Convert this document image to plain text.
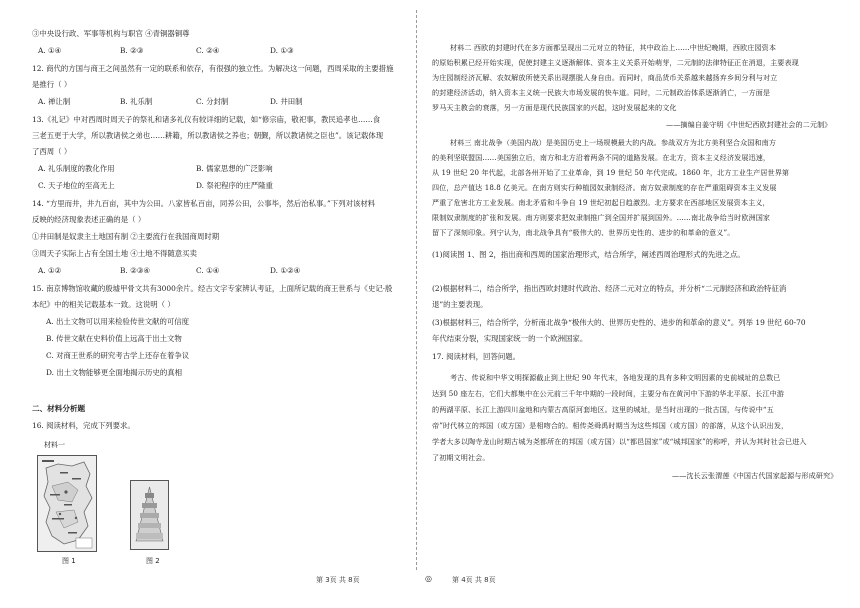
③中央设行政、军事等机构与职官 ④青铜器铜尊
A. ①④	B. ②③	C. ②④	D. ①③
12. 商代的方国与商王之间虽然有一定的联系和依存，有很强的独立性。为解决这一问题，西周采取的主要措施
是推行（ ）
A. 禅让制	B. 礼乐制	C. 分封制	D. 井田制
13.《礼记》中对西周时周天子的祭礼和诸多礼仪有较详细的记载，如“修宗庙，敬祀事，教民追孝也……食
三老五更于大学，所以教诸侯之弟也……耕籍，所以教诸侯之养也；朝觐，所以教诸侯之臣也”。该记载体现
了西周（ ）
A. 礼乐制度的教化作用	B. 儒家思想的广泛影响
C. 天子地位的至高无上	D. 祭祀程序的庄严隆重
14. “方里而井，井九百亩，其中为公田。八家皆私百亩，同养公田，公事毕，然后治私事。”下列对该材料
反映的经济现象表述正确的是（ ）
①井田制是奴隶主土地国有制 ②主要流行在我国商周时期
③周天子实际上占有全国土地 ④土地不得随意买卖
A. ①②	B. ②③④	C. ①④	D. ①②④
15. 南京博物馆收藏的殷墟甲骨文共有3000余片。经古文字专家辨认考证，上面所记载的商王世系与《史记·殷
本纪》中的相关记载基本一致。这说明（ ）
A. 出土文物可以用来检验传世文献的可信度
B. 传世文献在史料价值上远高于出土文物
C. 对商王世系的研究考古学上还存在着争议
D. 出土文物能够更全面地揭示历史的真相
二、材料分析题
16. 阅读材料，完成下列要求。
材料一
图 1	图 2
材料二 西欧的封建时代在多方面都呈现出二元对立的特征，其中政治上……中世纪晚期，西欧庄园资本
的原始积累已经开始实现，促使封建主义逐渐解体、资本主义关系开始萌芽，二元制的法律特征正在消退，主要表现
为庄园制经济瓦解、农奴解放所使关系出现摆脱人身自由。而同时，商品货币关系越来越扬弃乡间分利与对立
的封建经济活动，纳入资本主义统一民族大市场发展的快车道。同时，二元制政治体系逐渐消亡，一方面是
罗马天主教会的衰落，另一方面是现代民族国家的兴起，这时发展起来的文化
——摘编自姜守明《中世纪西欧封建社会的二元制》
材料三 南北战争（美国内战）是美国历史上一场规模最大的内战。参战双方为北方美利坚合众国和南方
的美利坚联盟国……美国独立后，南方和北方沿着两条不同的道路发展。在北方，资本主义经济发展迅速，
从 19 世纪 20 年代起，北部各州开始了工业革命，到 19 世纪 50 年代完成。1860 年，北方工业生产居世界第
四位，总产值达 18.8 亿美元。在南方则实行种植园奴隶制经济。南方奴隶制度的存在严重阻碍资本主义发展
严重了危害北方工业发展。南北矛盾和斗争自 19 世纪初起日趋激烈。北方要求在西部地区发展资本主义，
限制奴隶制度的扩张和发展。南方则要求把奴隶制推广到全国并扩展到国外。……南北战争给当时欧洲国家
留下了深刻印象。列宁认为，南北战争具有“极伟大的、世界历史性的、进步的和革命的意义”。
(1)阅读图 1、图 2，指出商和西周的国家治理形式，结合所学，阐述西周治理形式的先进之点。
(2)根据材料二，结合所学，指出西欧封建时代政治、经济二元对立的特点，并分析“二元制经济和政治特征消
退”的主要表现。
(3)根据材料三，结合所学，分析南北战争“极伟大的、世界历史性的、进步的和革命的意义”。列举 19 世纪 60-70
年代结束分裂，实现国家统一的一个欧洲国家。
17. 阅读材料，回答问题。
考古、传说和中华文明探源截止到上世纪 90 年代末，各地发现的具有多种文明因素的史前城址的总数已
达到 50 座左右，它们大都集中在公元前三千年中期的一段时间，主要分布在黄河中下游的华北平原、长江中游
的两湖平原、长江上游四川盆地和内蒙古高原河套地区。这里的城址，是当时出现的一批古国，与传说中“五
帝”时代林立的邦国（或方国）是相吻合的。相传尧舜禹时期当为这些邦国（或方国）的部落，从这个认识出发，
学者大多以陶寺龙山时期古城为尧都所在的邦国（或方国）以“都邑国家”或“城邦国家”的称呼，并认为其时社会已进入
了初期文明社会。
——沈长云张渭莲《中国古代国家起源与形成研究》
第 3页 共 8页	◎	第 4页 共 8页
